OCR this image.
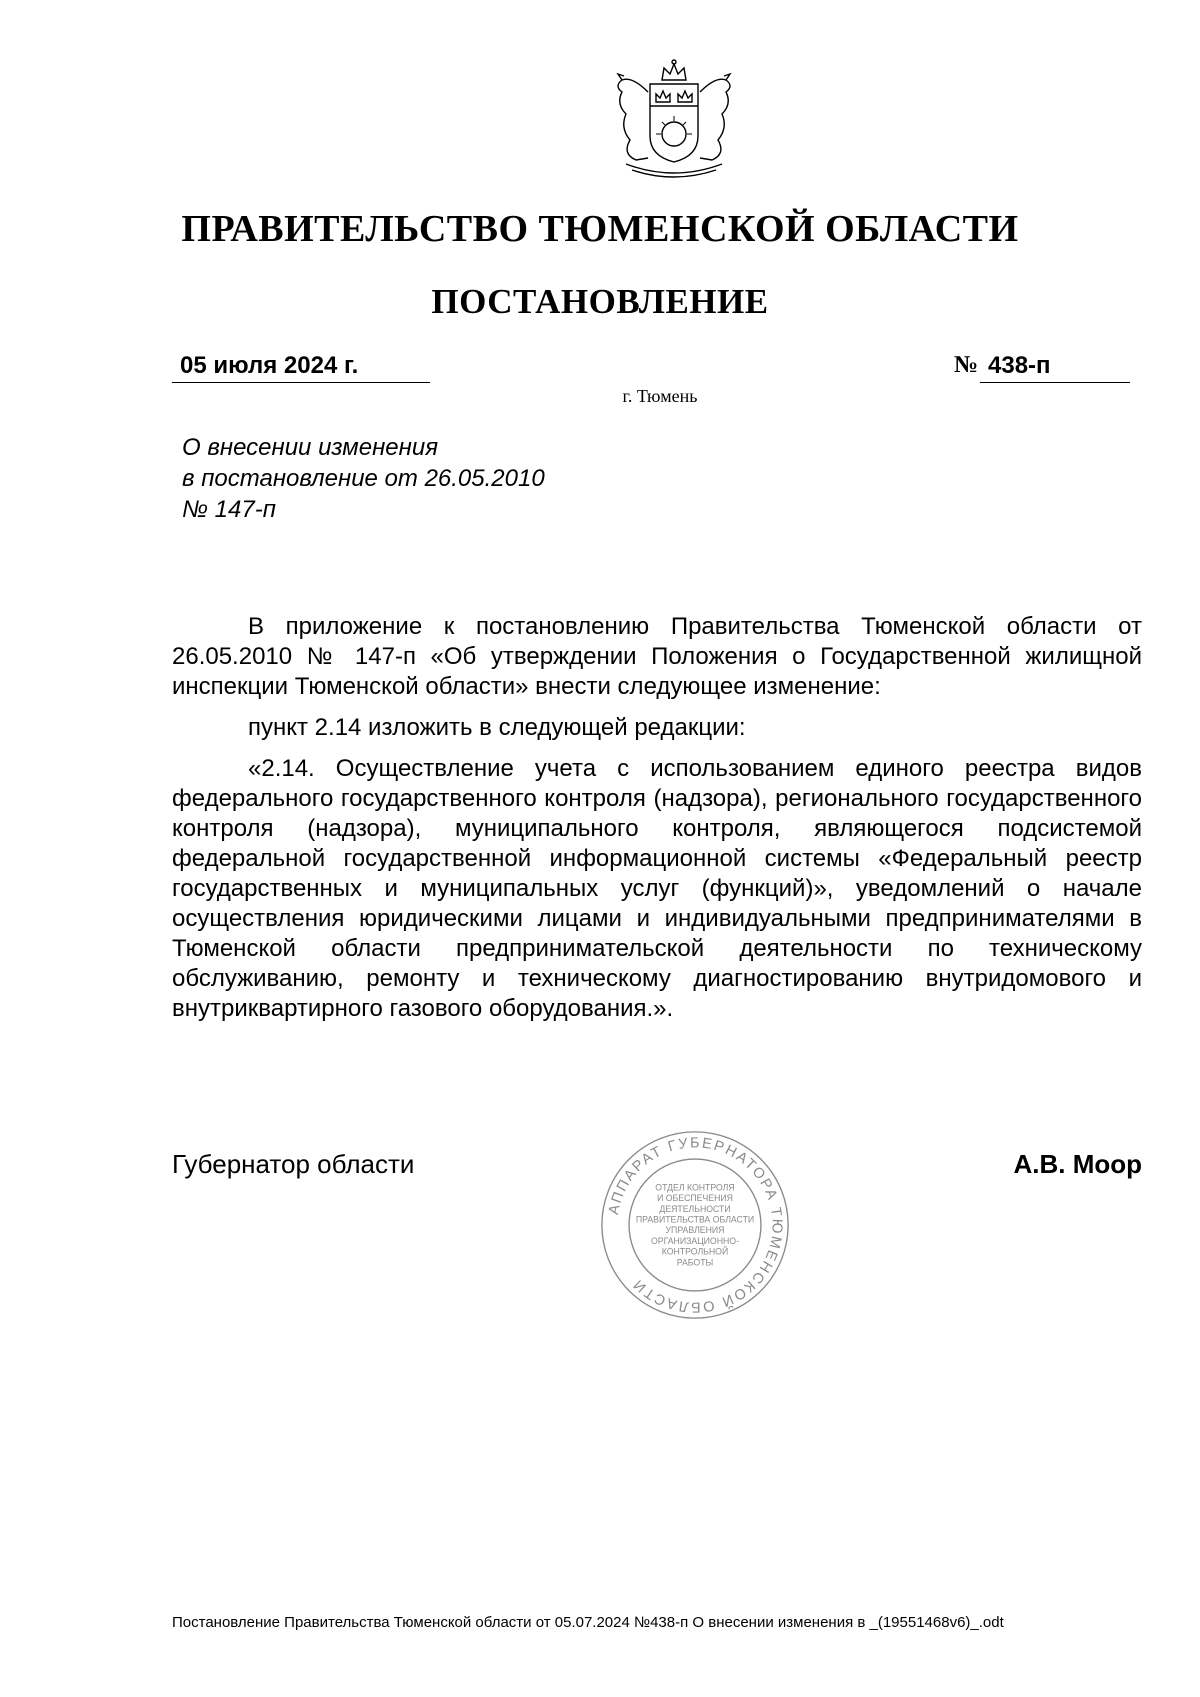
ПРАВИТЕЛЬСТВО ТЮМЕНСКОЙ ОБЛАСТИ
ПОСТАНОВЛЕНИЕ
05 июля 2024 г.	№ 438-п
г. Тюмень
О внесении изменения
в постановление от 26.05.2010
№ 147-п

В приложение к постановлению Правительства Тюменской области от 26.05.2010 № 147-п «Об утверждении Положения о Государственной жилищной инспекции Тюменской области» внести следующее изменение:

пункт 2.14 изложить в следующей редакции:

«2.14. Осуществление учета с использованием единого реестра видов федерального государственного контроля (надзора), регионального государственного контроля (надзора), муниципального контроля, являющегося подсистемой федеральной государственной информационной системы «Федеральный реестр государственных и муниципальных услуг (функций)», уведомлений о начале осуществления юридическими лицами и индивидуальными предпринимателями в Тюменской области предпринимательской деятельности по техническому обслуживанию, ремонту и техническому диагностированию внутридомового и внутриквартирного газового оборудования.».

Губернатор области
АППАРАТ ГУБЕРНАТОРА ТЮМЕНСКОЙ ОБЛАСТИ
ОТДЕЛ КОНТРОЛЯ
И ОБЕСПЕЧЕНИЯ
ДЕЯТЕЛЬНОСТИ
ПРАВИТЕЛЬСТВА ОБЛАСТИ
УПРАВЛЕНИЯ
ОРГАНИЗАЦИОННО-
КОНТРОЛЬНОЙ
РАБОТЫ
А.В. Моор
Постановление Правительства Тюменской области от 05.07.2024 №438-п О внесении изменения в _(19551468v6)_.odt
